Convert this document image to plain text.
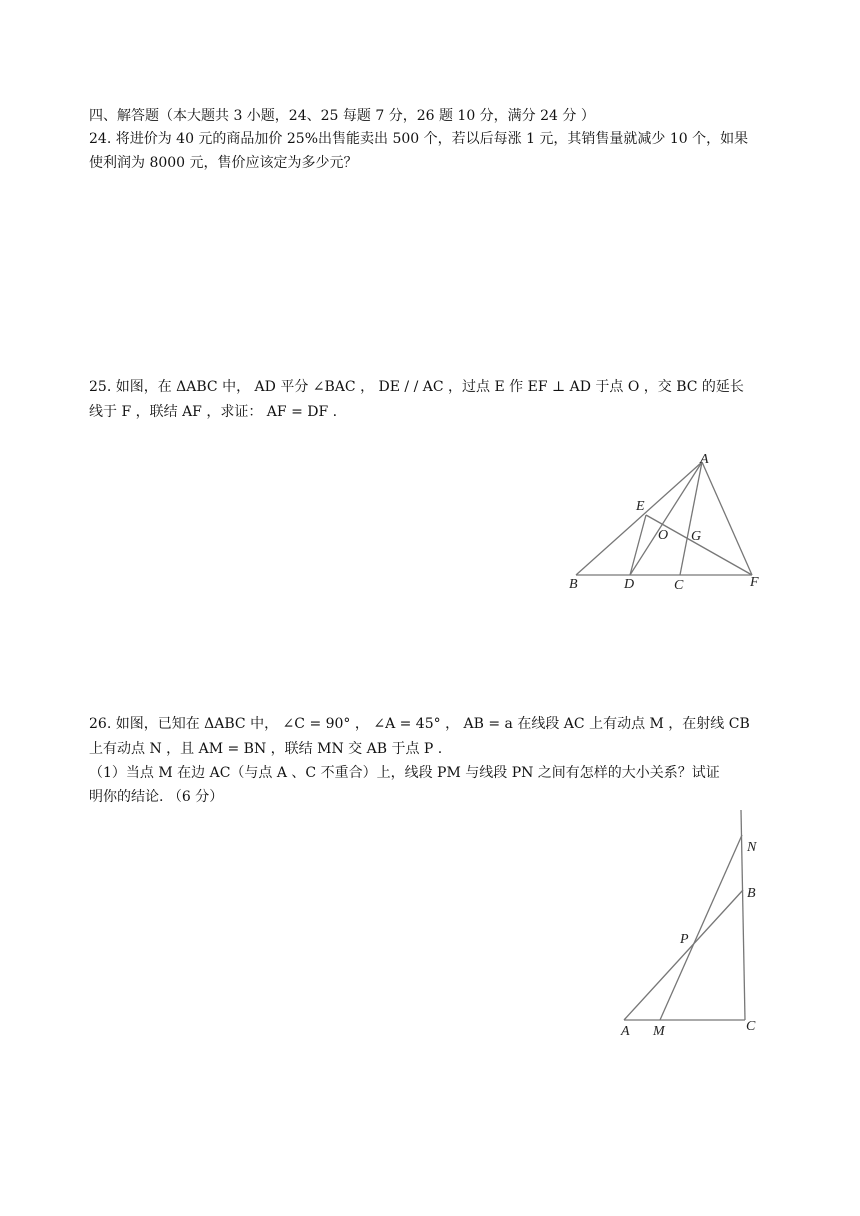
四、解答题（本大题共 3 小题，24、25 每题 7 分，26 题 10 分，满分 24 分 ）
24. 将进价为 40 元的商品加价 25%出售能卖出 500 个，若以后每涨 1 元，其销售量就减少 10 个，如果
使利润为 8000 元，售价应该定为多少元？
25. 如图，在 ΔABC 中， AD 平分 ∠BAC ， DE / / AC ，过点 E 作 EF ⊥ AD 于点 O ，交 BC 的延长
线于 F ，联结 AF ，求证： AF = DF .
A
E
O G
B	D	C	F
26. 如图，已知在 ΔABC 中， ∠C = 90° ， ∠A = 45° ， AB = a 在线段 AC 上有动点 M ，在射线 CB
上有动点 N ，且 AM = BN ，联结 MN 交 AB 于点 P .
（1）当点 M 在边 AC（与点 A 、C 不重合）上，线段 PM 与线段 PN 之间有怎样的大小关系？试证
明你的结论. （6 分）
N
B
P
A M	C
